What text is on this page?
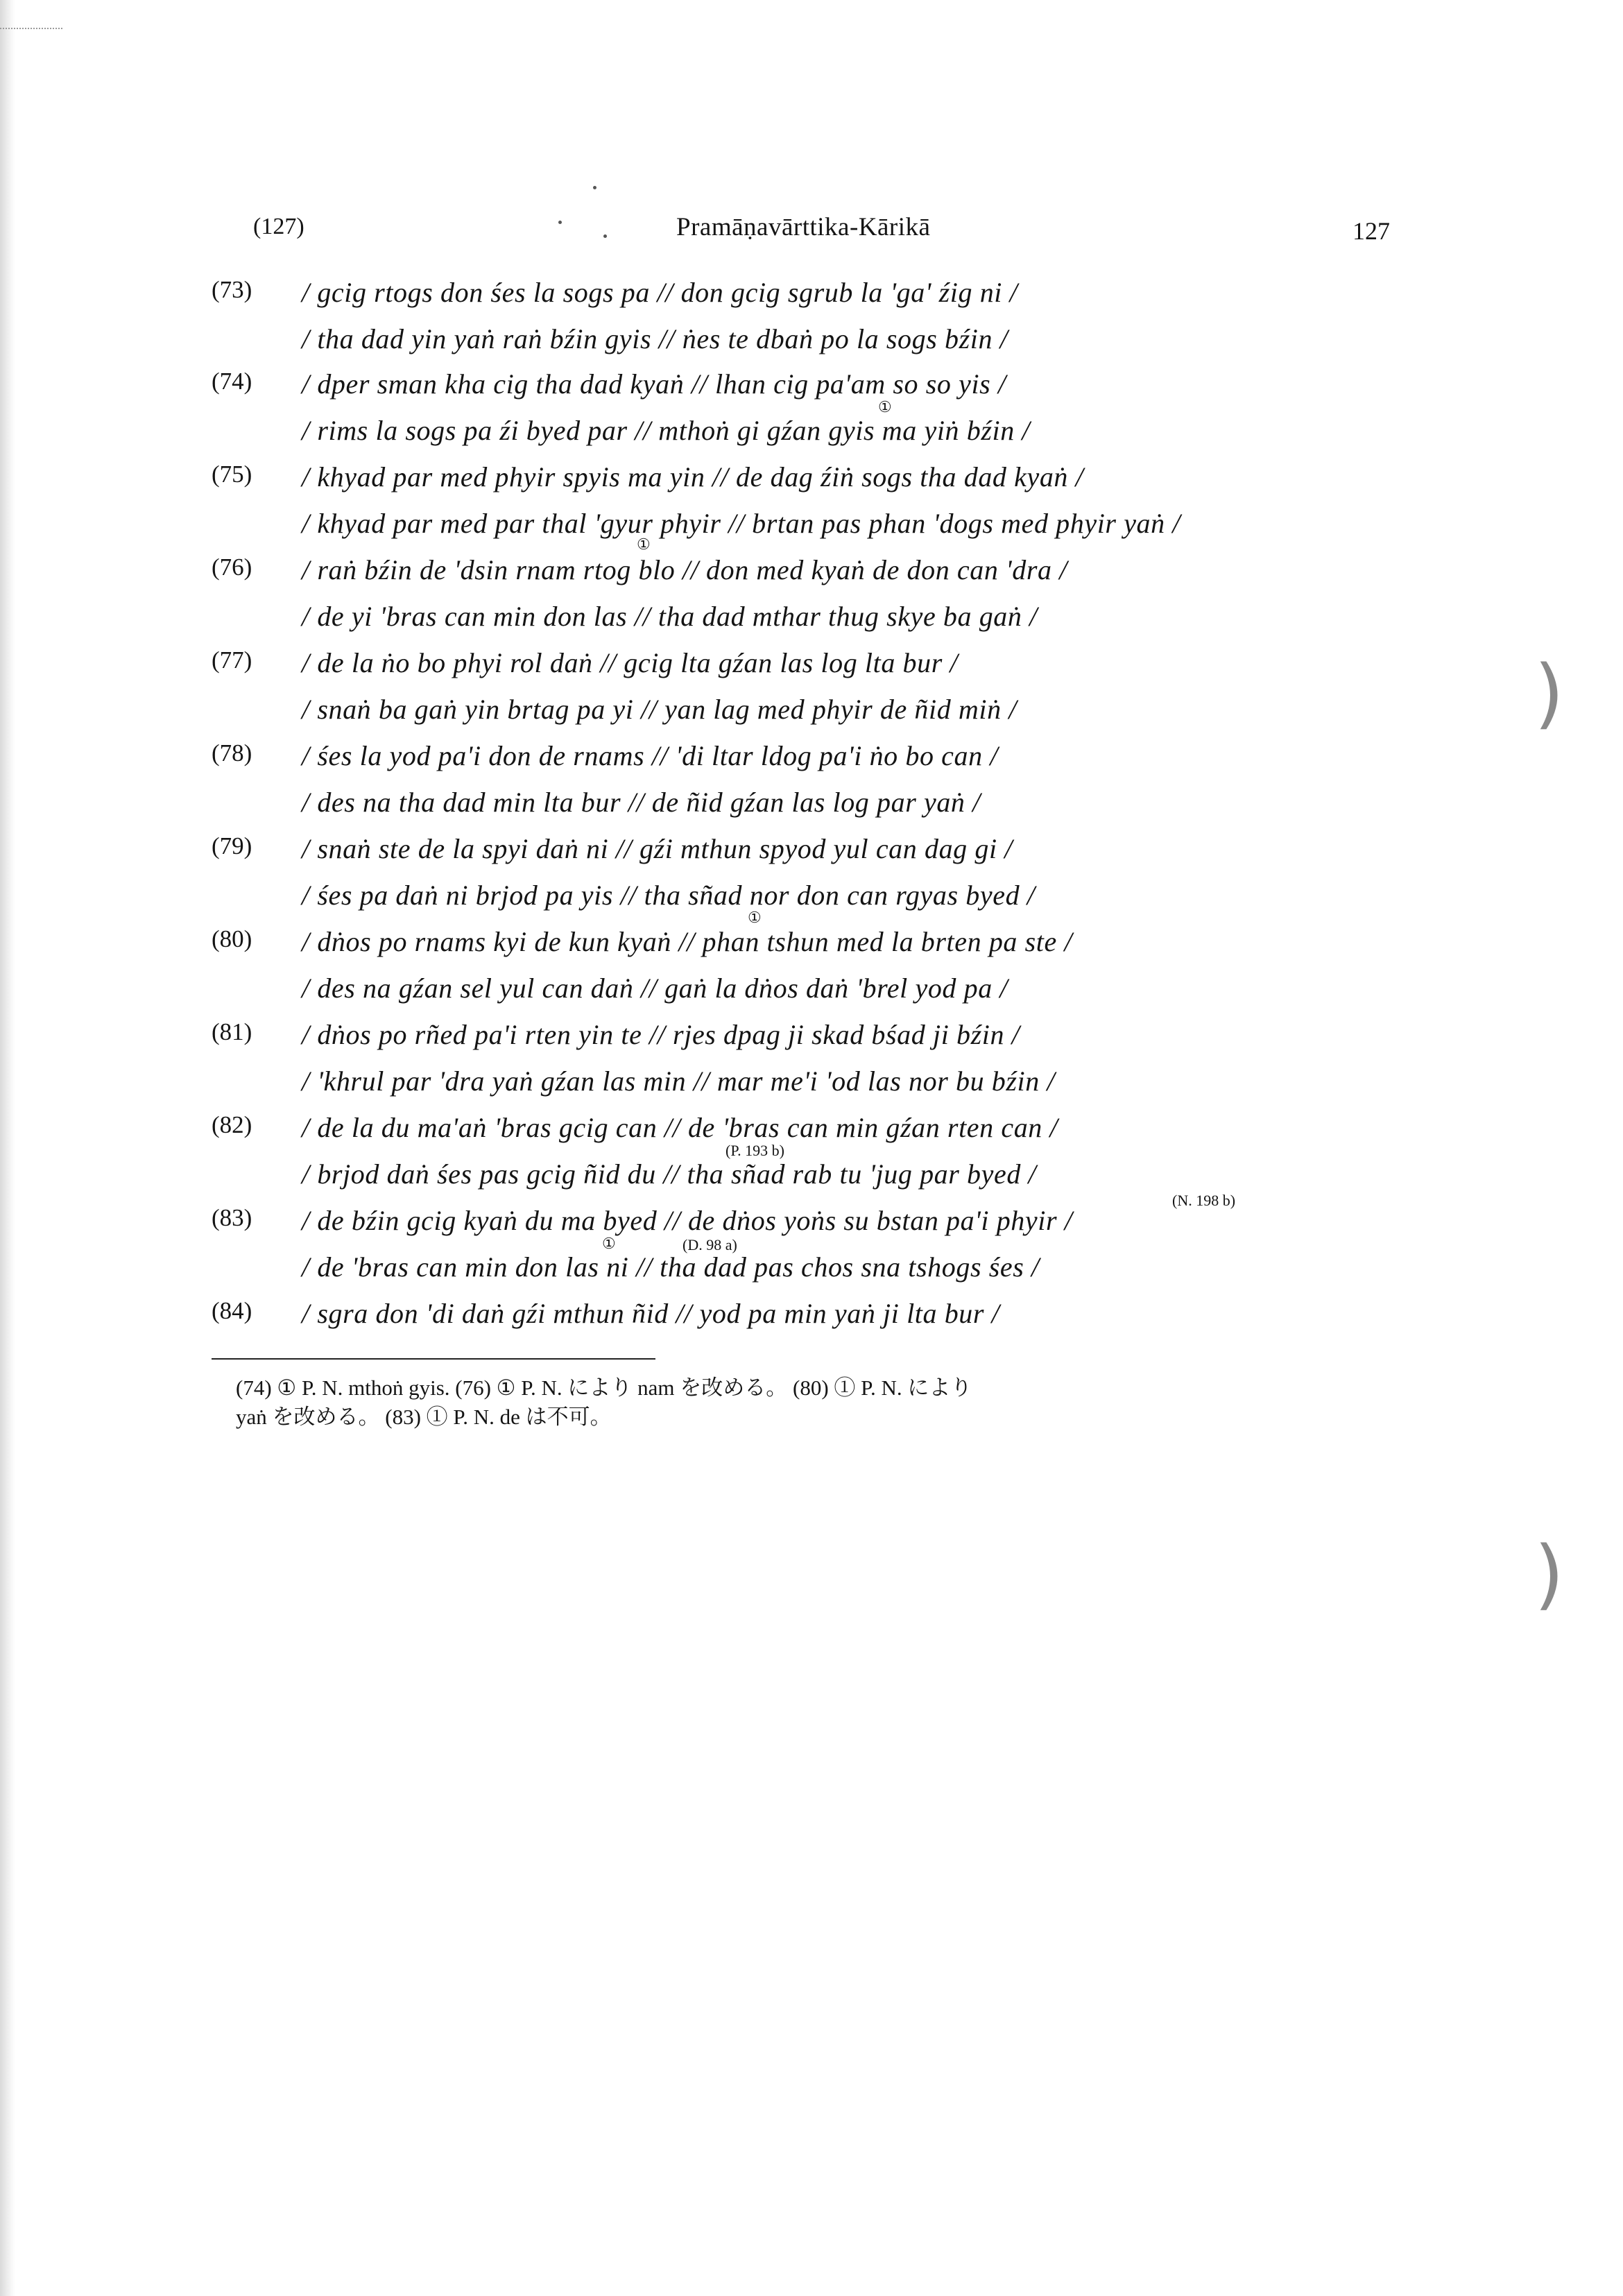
(127)	Pramāṇavārttika-Kārikā	127
(73) / gcig rtogs don śes la sogs pa // don gcig sgrub la 'ga' źig ni /
/ tha dad yin yaṅ raṅ bźin gyis // ṅes te dbaṅ po la sogs bźin /
(74) / dper sman kha cig tha dad kyaṅ // lhan cig pa'am so so yis /
①
/ rims la sogs pa źi byed par // mthoṅ gi gźan gyis ma yiṅ bźin /
(75) / khyad par med phyir spyis ma yin // de dag źiṅ sogs tha dad kyaṅ /
/ khyad par med par thal 'gyur phyir // brtan pas phan 'dogs med phyir yaṅ /
①
(76) / raṅ bźin de 'dsin rnam rtog blo // don med kyaṅ de don can 'dra /
/ de yi 'bras can min don las // tha dad mthar thug skye ba gaṅ /
(77) / de la ṅo bo phyi rol daṅ // gcig lta gźan las log lta bur /
/ snaṅ ba gaṅ yin brtag pa yi // yan lag med phyir de ñid miṅ /
(78) / śes la yod pa'i don de rnams // 'di ltar ldog pa'i ṅo bo can /
/ des na tha dad min lta bur // de ñid gźan las log par yaṅ /
(79) / snaṅ ste de la spyi daṅ ni // gźi mthun spyod yul can dag gi /
/ śes pa daṅ ni brjod pa yis // tha sñad nor don can rgyas byed /
①
(80) / dṅos po rnams kyi de kun kyaṅ // phan tshun med la brten pa ste /
/ des na gźan sel yul can daṅ // gaṅ la dṅos daṅ 'brel yod pa /
(81) / dṅos po rñed pa'i rten yin te // rjes dpag ji skad bśad ji bźin /
/ 'khrul par 'dra yaṅ gźan las min // mar me'i 'od las nor bu bźin /
(82) / de la du ma'aṅ 'bras gcig can // de 'bras can min gźan rten can /
(P. 193 b)
/ brjod daṅ śes pas gcig ñid du // tha sñad rab tu 'jug par byed /
(N. 198 b)
(83) / de bźin gcig kyaṅ du ma byed // de dṅos yoṅs su bstan pa'i phyir /
①	(D. 98 a)
/ de 'bras can min don las ni // tha dad pas chos sna tshogs śes /
(84) / sgra don 'di daṅ gźi mthun ñid // yod pa min yaṅ ji lta bur /
(74) ① P. N. mthoṅ gyis. (76) ① P. N. により nam を改める。 (80) ① P. N. により
yaṅ を改める。 (83) ① P. N. de は不可。
)
)
